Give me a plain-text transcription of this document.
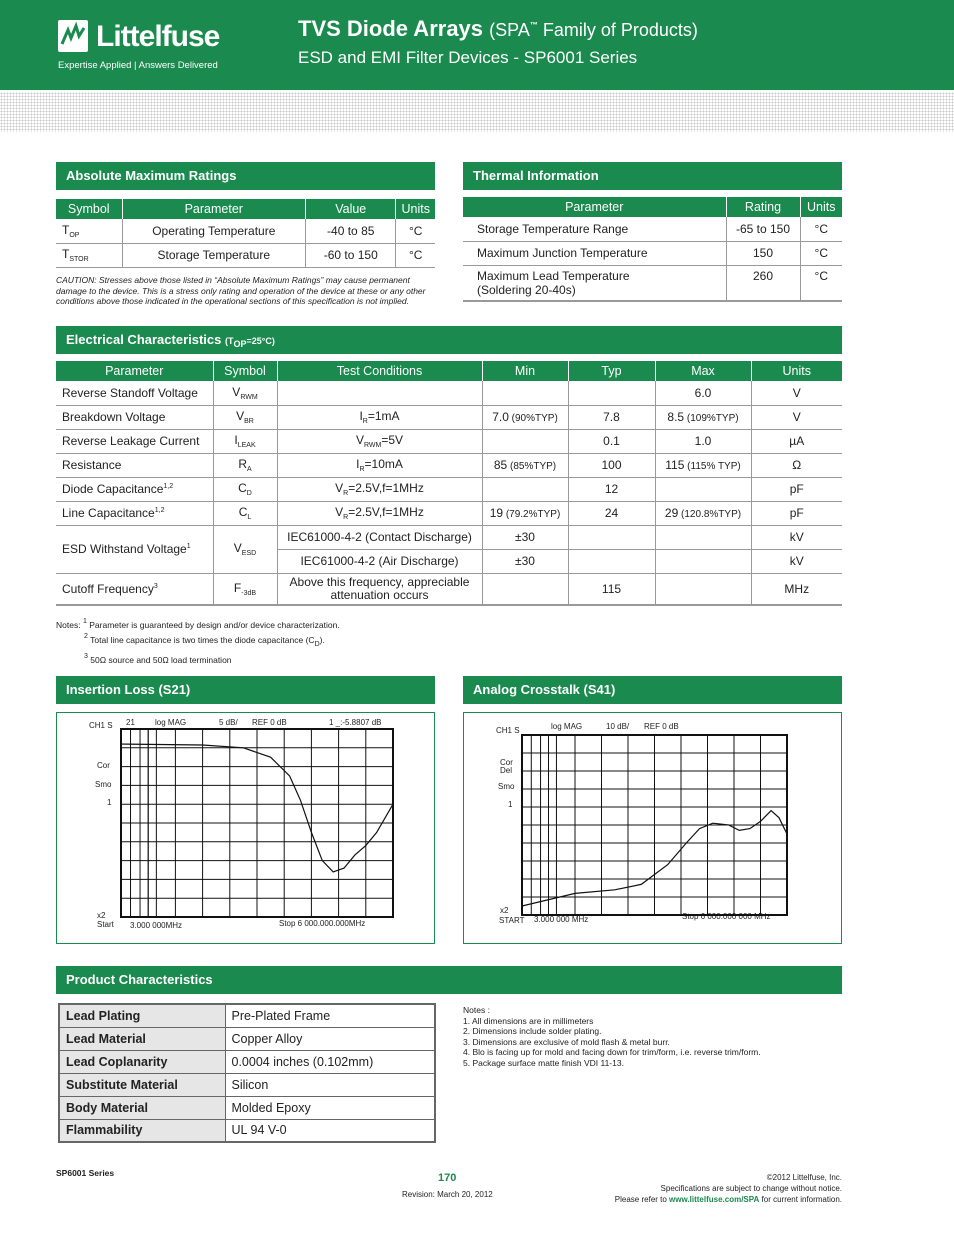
Littelfuse
Expertise Applied | Answers Delivered
TVS Diode Arrays (SPA™ Family of Products)
ESD and EMI Filter Devices - SP6001 Series
Absolute Maximum Ratings
Symbol	Parameter	Value	Units
$T_{OP}$	Operating Temperature	-40 to 85	°C
$T_{STOR}$	Storage Temperature	-60 to 150	°C
CAUTION: Stresses above those listed in “Absolute Maximum Ratings” may cause permanent damage to the device. This is a stress only rating and operation of the device at these or any other conditions above those indicated in the operational sections of this specification is not implied.
Thermal Information
Parameter	Rating	Units
Storage Temperature Range	-65 to 150	°C
Maximum Junction Temperature	150	°C

Maximum Lead Temperature
(Soldering 20-40s)	260	°C
Electrical Characteristics $(T_{OP}=25^\circ C)$
Parameter	Symbol	Test Conditions	Min	Typ	Max	Units
Reverse Standoff Voltage	$V_{RWM}$				6.0	V
Breakdown Voltage	$V_{BR}$	$I_R=1mA$	7.0 (90%TYP)	7.8	8.5 (109%TYP)	V
Reverse Leakage Current	$I_{LEAK}$	$V_{RWM}=5V$		0.1	1.0	µA
Resistance	$R_A$	$I_R=10mA$	85 (85%TYP)	100	115 (115% TYP)	Ω
Diode Capacitance$^{1,2}$	$C_D$	$V_R=2.5V,f=1MHz$		12		pF
Line Capacitance$^{1,2}$	$C_L$	$V_R=2.5V,f=1MHz$	19 (79.2%TYP)	24	29 (120.8%TYP)	pF
ESD Withstand Voltage$^1$	$V_{ESD}$	IEC61000-4-2 (Contact Discharge)	±30			kV
		IEC61000-4-2 (Air Discharge)	±30			kV
Cutoff Frequency$^3$	$F_{-3dB}$	Above this frequency, appreciable attenuation occurs		115		MHz
Notes: $^1$ Parameter is guaranteed by design and/or device characterization.
$^2$ Total line capacitance is two times the diode capacitance $(C_D)$.
$^3$ 50Ω source and 50Ω load termination
Insertion Loss (S21)
CH1 S 21	log MAG	5 dB/ REF 0 dB	1 _:-5.8807 dB
Cor
Smo
1
x2
Start 3.000 000MHz	Stop 6 000.000.000MHz
Analog Crosstalk (S41)
CH1 S	log MAG	10 dB/ REF 0 dB
Cor
Del
Smo
1
x2
START 3.000 000 MHz	Stop 6 000.000 000 MHz
Product Characteristics
Lead Plating	Pre-Plated Frame
Lead Material	Copper Alloy
Lead Coplanarity	0.0004 inches (0.102mm)
Substitute Material	Silicon
Body Material	Molded Epoxy
Flammability	UL 94 V-0
Notes :
1. All dimensions are in millimeters
2. Dimensions include solder plating.
3. Dimensions are exclusive of mold flash & metal burr.
4. Blo is facing up for mold and facing down for trim/form, i.e. reverse trim/form.
5. Package surface matte finish VDI 11-13.
SP6001 Series	170
Revision: March 20, 2012
©2012 Littelfuse, Inc.
Specifications are subject to change without notice.
Please refer to www.littelfuse.com/SPA for current information.
